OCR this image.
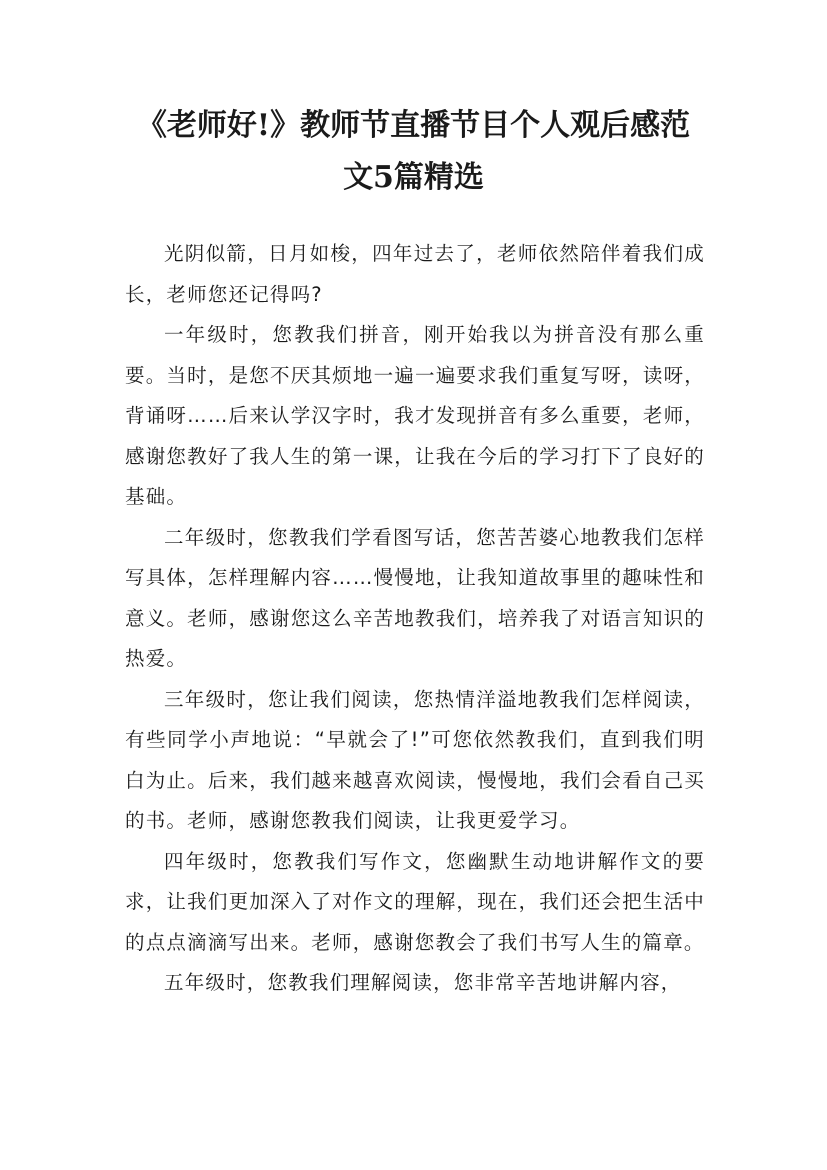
《老师好!》教师节直播节目个人观后感范
文5篇精选

光阴似箭，日月如梭，四年过去了，老师依然陪伴着我们成长，老师您还记得吗?

一年级时，您教我们拼音，刚开始我以为拼音没有那么重要。当时，是您不厌其烦地一遍一遍要求我们重复写呀，读呀，背诵呀……后来认学汉字时，我才发现拼音有多么重要，老师，感谢您教好了我人生的第一课，让我在今后的学习打下了良好的基础。

二年级时，您教我们学看图写话，您苦苦婆心地教我们怎样写具体，怎样理解内容……慢慢地，让我知道故事里的趣味性和意义。老师，感谢您这么辛苦地教我们，培养我了对语言知识的热爱。

三年级时，您让我们阅读，您热情洋溢地教我们怎样阅读，有些同学小声地说：“早就会了!”可您依然教我们，直到我们明白为止。后来，我们越来越喜欢阅读，慢慢地，我们会看自己买的书。老师，感谢您教我们阅读，让我更爱学习。

四年级时，您教我们写作文，您幽默生动地讲解作文的要求，让我们更加深入了对作文的理解，现在，我们还会把生活中的点点滴滴写出来。老师，感谢您教会了我们书写人生的篇章。

五年级时，您教我们理解阅读，您非常辛苦地讲解内容，
